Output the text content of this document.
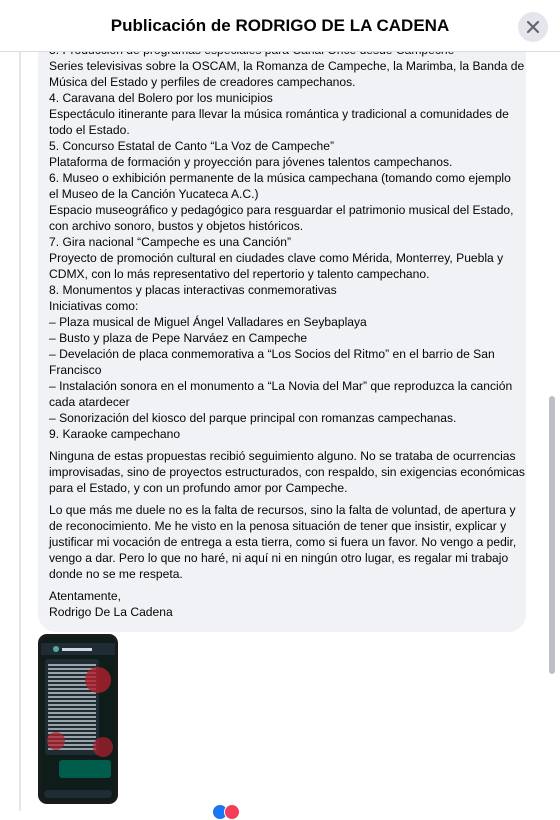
Publicación de RODRIGO DE LA CADENA
Series televisivas sobre la OSCAM, la Romanza de Campeche, la Marimba, la Banda de
Música del Estado y perfiles de creadores campechanos.
4. Caravana del Bolero por los municipios
Espectáculo itinerante para llevar la música romántica y tradicional a comunidades de
todo el Estado.
5. Concurso Estatal de Canto “La Voz de Campeche”
Plataforma de formación y proyección para jóvenes talentos campechanos.
6. Museo o exhibición permanente de la música campechana (tomando como ejemplo
el Museo de la Canción Yucateca A.C.)
Espacio museográfico y pedagógico para resguardar el patrimonio musical del Estado,
con archivo sonoro, bustos y objetos históricos.
7. Gira nacional “Campeche es una Canción”
Proyecto de promoción cultural en ciudades clave como Mérida, Monterrey, Puebla y
CDMX, con lo más representativo del repertorio y talento campechano.
8. Monumentos y placas interactivas conmemorativas
Iniciativas como:
– Plaza musical de Miguel Ángel Valladares en Seybaplaya
– Busto y plaza de Pepe Narváez en Campeche
– Develación de placa conmemorativa a “Los Socios del Ritmo” en el barrio de San
Francisco
– Instalación sonora en el monumento a “La Novia del Mar” que reproduzca la canción
cada atardecer
– Sonorización del kiosco del parque principal con romanzas campechanas.
9. Karaoke campechano
Ninguna de estas propuestas recibió seguimiento alguno. No se trataba de ocurrencias
improvisadas, sino de proyectos estructurados, con respaldo, sin exigencias económicas
para el Estado, y con un profundo amor por Campeche.
Lo que más me duele no es la falta de recursos, sino la falta de voluntad, de apertura y
de reconocimiento. Me he visto en la penosa situación de tener que insistir, explicar y
justificar mi vocación de entrega a esta tierra, como si fuera un favor. No vengo a pedir,
vengo a dar. Pero lo que no haré, ni aquí ni en ningún otro lugar, es regalar mi trabajo
donde no se me respeta.
Atentamente,
Rodrigo De La Cadena
